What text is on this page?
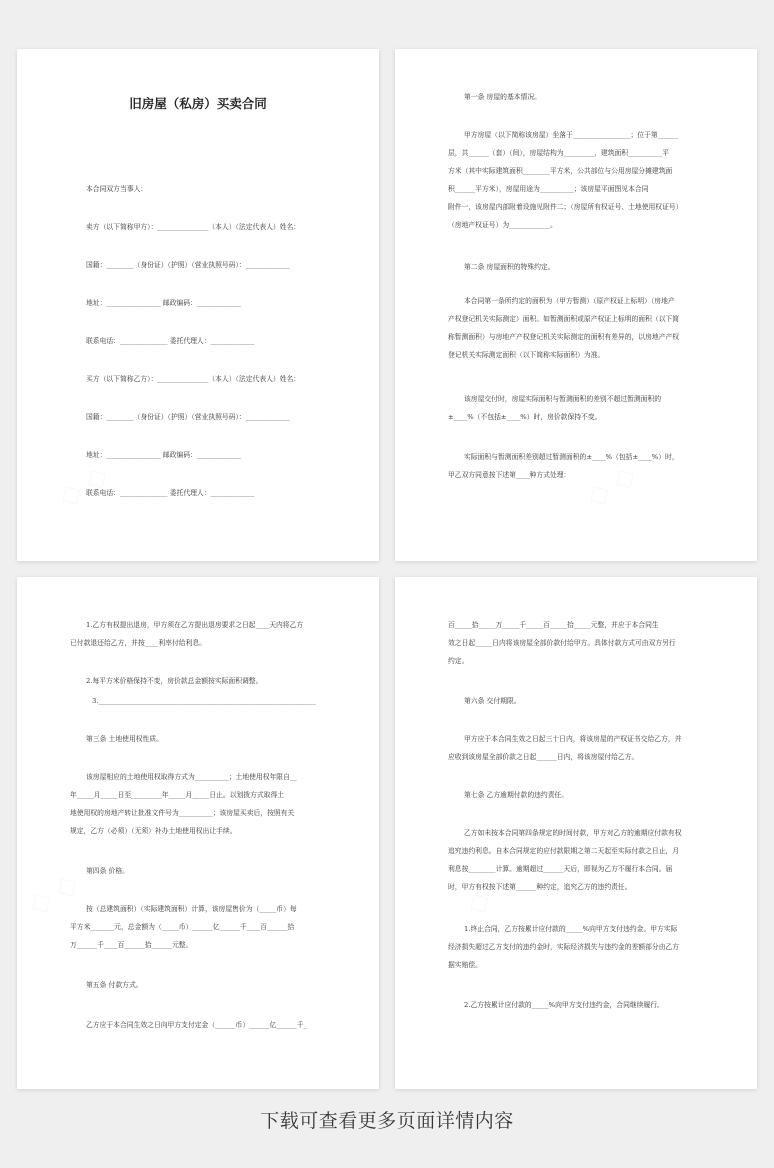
旧房屋（私房）买卖合同
本合同双方当事人：
卖方（以下简称甲方）：_______________（本人）（法定代表人）姓名：
国籍：________（身份证）（护照）（营业执照号码）：_____________
地址：________________ 邮政编码：_____________
联系电话：______________ 委托代理人：_____________
买方（以下简称乙方）：_______________（本人）（法定代表人）姓名：
国籍：________（身份证）（护照）（营业执照号码）：_____________
地址：________________ 邮政编码：_____________
联系电话：______________ 委托代理人：_____________
第一条 房屋的基本情况。
甲方房屋（以下简称该房屋）坐落于_________________；位于第______
层，共______（套）（间），房屋结构为_________，建筑面积__________平
方米（其中实际建筑面积________平方米，公共部位与公用房屋分摊建筑面
积______平方米），房屋用途为__________；该房屋平面图见本合同
附件一，该房屋内部附着设施见附件二；（房屋所有权证号、土地使用权证号）
（房地产权证号）为____________。
第二条 房屋面积的特殊约定。
本合同第一条所约定的面积为（甲方暂测）（原产权证上标明）（房地产
产权登记机关实际测定）面积。如暂测面积或原产权证上标明的面积（以下简
称暂测面积）与房地产产权登记机关实际测定的面积有差异的，以房地产产权
登记机关实际测定面积（以下简称实际面积）为准。
该房屋交付时，房屋实际面积与暂测面积的差别不超过暂测面积的
±____%（不包括±____%）时，房价款保持不变。
实际面积与暂测面积差别超过暂测面积的±____%（包括±____%）时，
甲乙双方同意按下述第____种方式处理：
1.乙方有权提出退房，甲方须在乙方提出退房要求之日起____天内将乙方
已付款退还给乙方，并按____利率付给利息。
2.每平方米价格保持不变，房价款总金额按实际面积调整。
3.________________________________________________________________
第三条 土地使用权性质。
该房屋相应的土地使用权取得方式为__________；土地使用权年限自__
年_____月_____日至_________年_____月_____日止。以划拨方式取得土
地使用权的房地产转让批准文件号为__________；该房屋买卖后，按照有关
规定，乙方（必须）（无须）补办土地使用权出让手续。
第四条 价格。
按（总建筑面积）（实际建筑面积）计算，该房屋售价为（_____币）每
平方米_______元，总金额为（_____币）______亿______千____百______拾
万______千____百______拾______元整。
第五条 付款方式。
乙方应于本合同生效之日向甲方支付定金（______币）______亿______千_
百_____拾_____万_____千_____百_____拾_____元整，并应于本合同生
效之日起_____日内将该房屋全部价款付给甲方。具体付款方式可由双方另行
约定。
第六条 交付期限。
甲方应于本合同生效之日起三十日内，将该房屋的产权证书交给乙方，并
应收到该房屋全部价款之日起______日内，将该房屋付给乙方。
第七条 乙方逾期付款的违约责任。
乙方如未按本合同第四条规定的时间付款，甲方对乙方的逾期应付款有权
追究违约利息。自本合同规定的应付款限期之第二天起至实际付款之日止，月
利息按________计算。逾期超过______天后，即视为乙方不履行本合同。届
时，甲方有权按下述第______种约定，追究乙方的违约责任。
1.终止合同，乙方按累计应付款的_____%向甲方支付违约金。甲方实际
经济损失超过乙方支付的违约金时，实际经济损失与违约金的差额部分由乙方
据实赔偿。
2.乙方按累计应付款的_____%向甲方支付违约金，合同继续履行。
下载可查看更多页面详情内容
